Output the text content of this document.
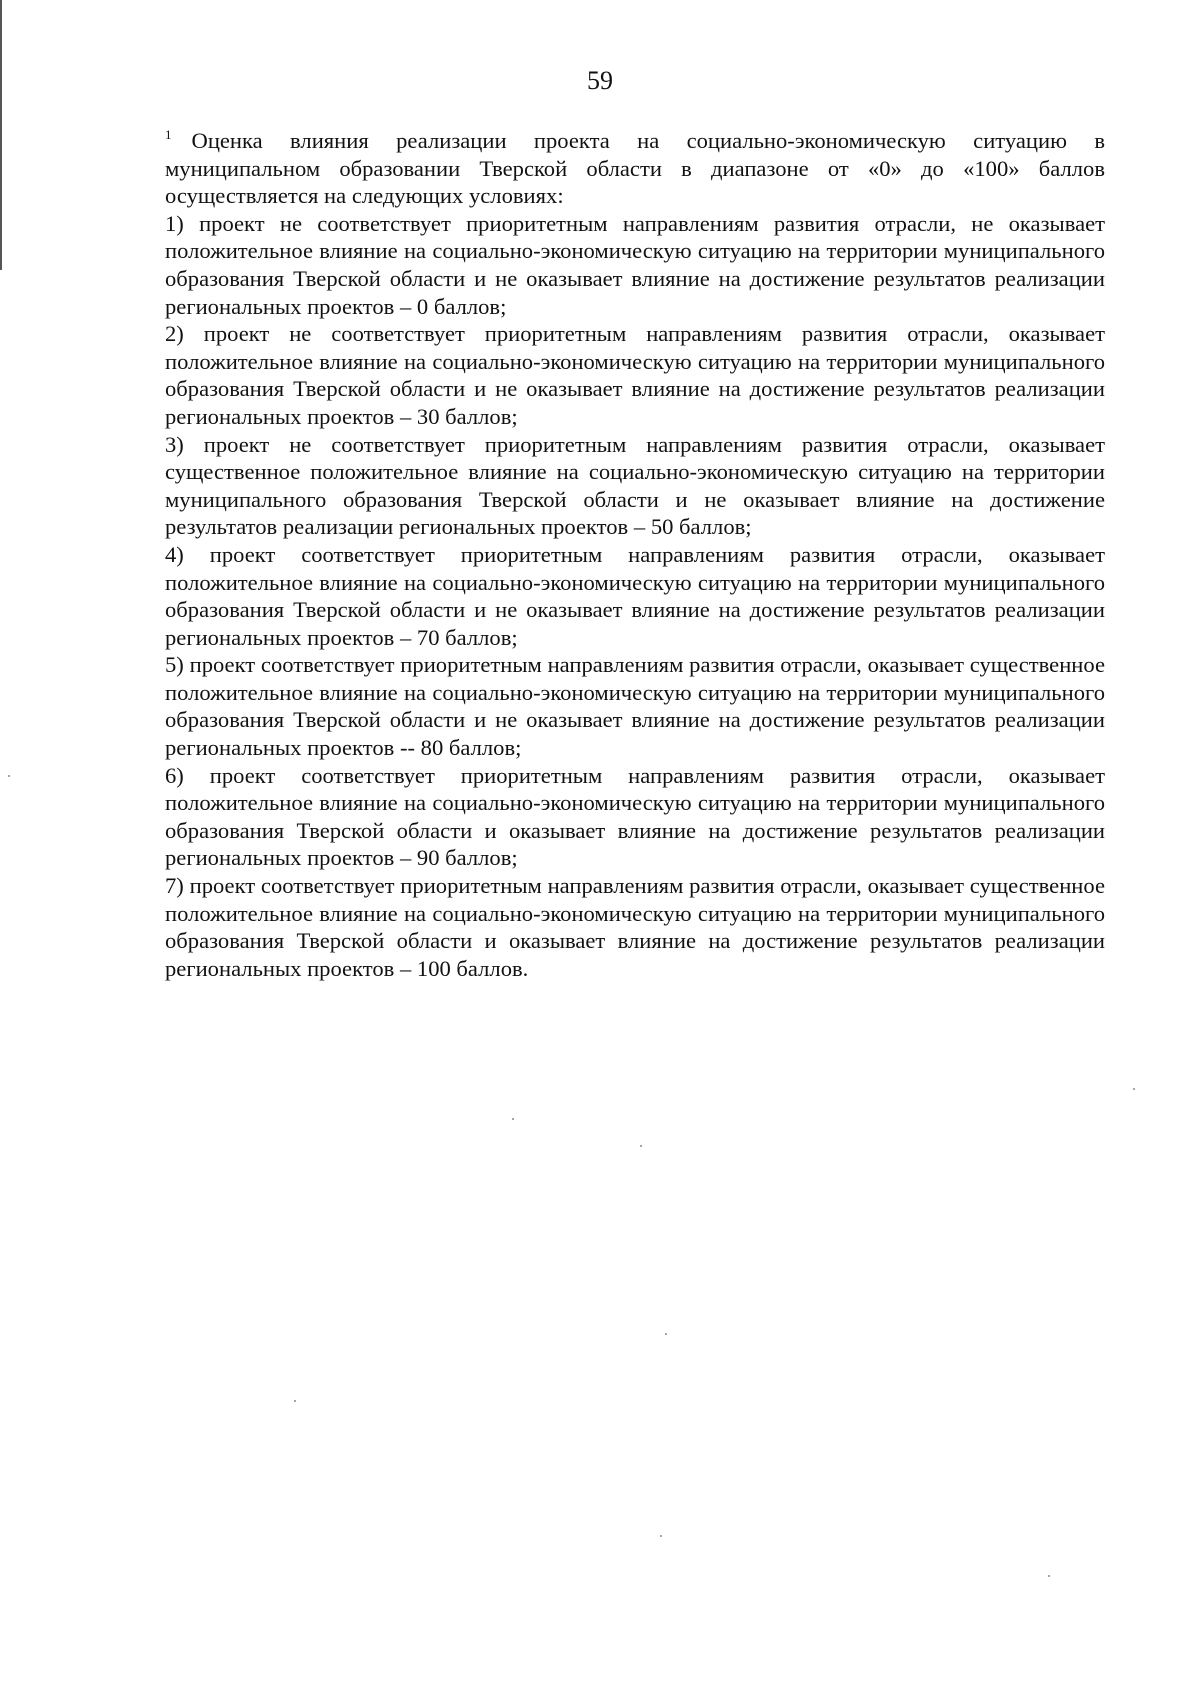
59

$^1$ Оценка влияния реализации проекта на социально-экономическую ситуацию в муниципальном образовании Тверской области в диапазоне от «0» до «100» баллов осуществляется на следующих условиях:

1) проект не соответствует приоритетным направлениям развития отрасли, не оказывает положительное влияние на социально-экономическую ситуацию на территории муниципального образования Тверской области и не оказывает влияние на достижение результатов реализации региональных проектов – 0 баллов;

2) проект не соответствует приоритетным направлениям развития отрасли, оказывает положительное влияние на социально-экономическую ситуацию на территории муниципального образования Тверской области и не оказывает влияние на достижение результатов реализации региональных проектов – 30 баллов;

3) проект не соответствует приоритетным направлениям развития отрасли, оказывает существенное положительное влияние на социально-экономическую ситуацию на территории муниципального образования Тверской области и не оказывает влияние на достижение результатов реализации региональных проектов – 50 баллов;

4) проект соответствует приоритетным направлениям развития отрасли, оказывает положительное влияние на социально-экономическую ситуацию на территории муниципального образования Тверской области и не оказывает влияние на достижение результатов реализации региональных проектов – 70 баллов;

5) проект соответствует приоритетным направлениям развития отрасли, оказывает существенное положительное влияние на социально-экономическую ситуацию на территории муниципального образования Тверской области и не оказывает влияние на достижение результатов реализации региональных проектов -- 80 баллов;

6) проект соответствует приоритетным направлениям развития отрасли, оказывает положительное влияние на социально-экономическую ситуацию на территории муниципального образования Тверской области и оказывает влияние на достижение результатов реализации региональных проектов – 90 баллов;

7) проект соответствует приоритетным направлениям развития отрасли, оказывает существенное положительное влияние на социально-экономическую ситуацию на территории муниципального образования Тверской области и оказывает влияние на достижение результатов реализации региональных проектов – 100 баллов.
